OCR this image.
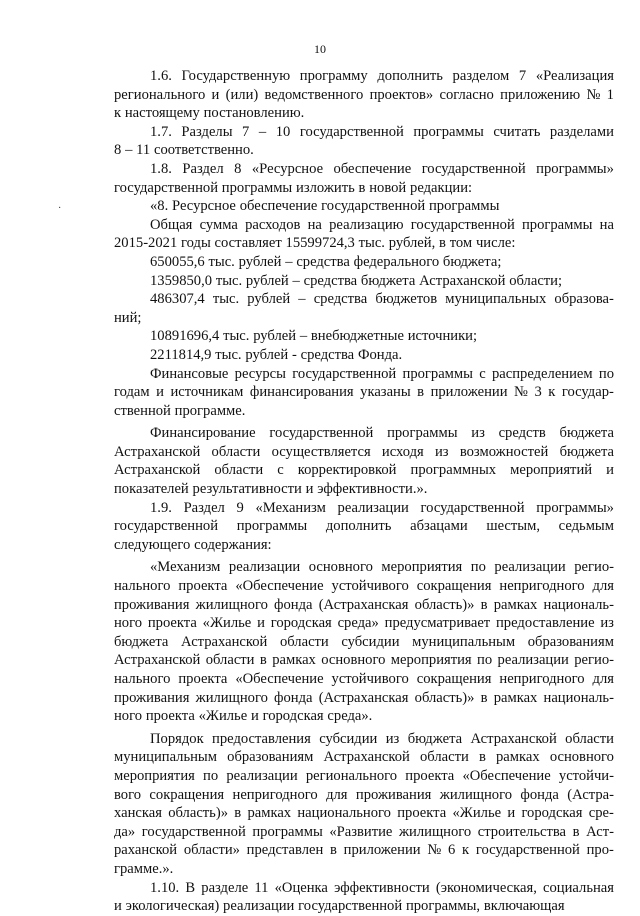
10
·
1.6. Государственную программу дополнить разделом 7 «Реализация
регионального и (или) ведомственного проектов» согласно приложению № 1
к настоящему постановлению.
1.7. Разделы 7 – 10 государственной программы считать разделами
8 – 11 соответственно.
1.8. Раздел 8 «Ресурсное обеспечение государственной программы»
государственной программы изложить в новой редакции:
«8. Ресурсное обеспечение государственной программы
Общая сумма расходов на реализацию государственной программы на
2015-2021 годы составляет 15599724,3 тыс. рублей, в том числе:
650055,6 тыс. рублей – средства федерального бюджета;
1359850,0 тыс. рублей – средства бюджета Астраханской области;
486307,4 тыс. рублей – средства бюджетов муниципальных образова-
ний;
10891696,4 тыс. рублей – внебюджетные источники;
2211814,9 тыс. рублей - средства Фонда.
Финансовые ресурсы государственной программы с распределением по
годам и источникам финансирования указаны в приложении № 3 к государ-
ственной программе.
Финансирование государственной программы из средств бюджета
Астраханской области осуществляется исходя из возможностей бюджета
Астраханской области с корректировкой программных мероприятий и
показателей результативности и эффективности.».
1.9. Раздел 9 «Механизм реализации государственной программы»
государственной программы дополнить абзацами шестым, седьмым
следующего содержания:
«Механизм реализации основного мероприятия по реализации регио-
нального проекта «Обеспечение устойчивого сокращения непригодного для
проживания жилищного фонда (Астраханская область)» в рамках националь-
ного проекта «Жилье и городская среда» предусматривает предоставление из
бюджета Астраханской области субсидии муниципальным образованиям
Астраханской области в рамках основного мероприятия по реализации регио-
нального проекта «Обеспечение устойчивого сокращения непригодного для
проживания жилищного фонда (Астраханская область)» в рамках националь-
ного проекта «Жилье и городская среда».
Порядок предоставления субсидии из бюджета Астраханской области
муниципальным образованиям Астраханской области в рамках основного
мероприятия по реализации регионального проекта «Обеспечение устойчи-
вого сокращения непригодного для проживания жилищного фонда (Астра-
ханская область)» в рамках национального проекта «Жилье и городская сре-
да» государственной программы «Развитие жилищного строительства в Аст-
раханской области» представлен в приложении № 6 к государственной про-
грамме.».
1.10. В разделе 11 «Оценка эффективности (экономическая, социальная
и экологическая) реализации государственной программы, включающая
